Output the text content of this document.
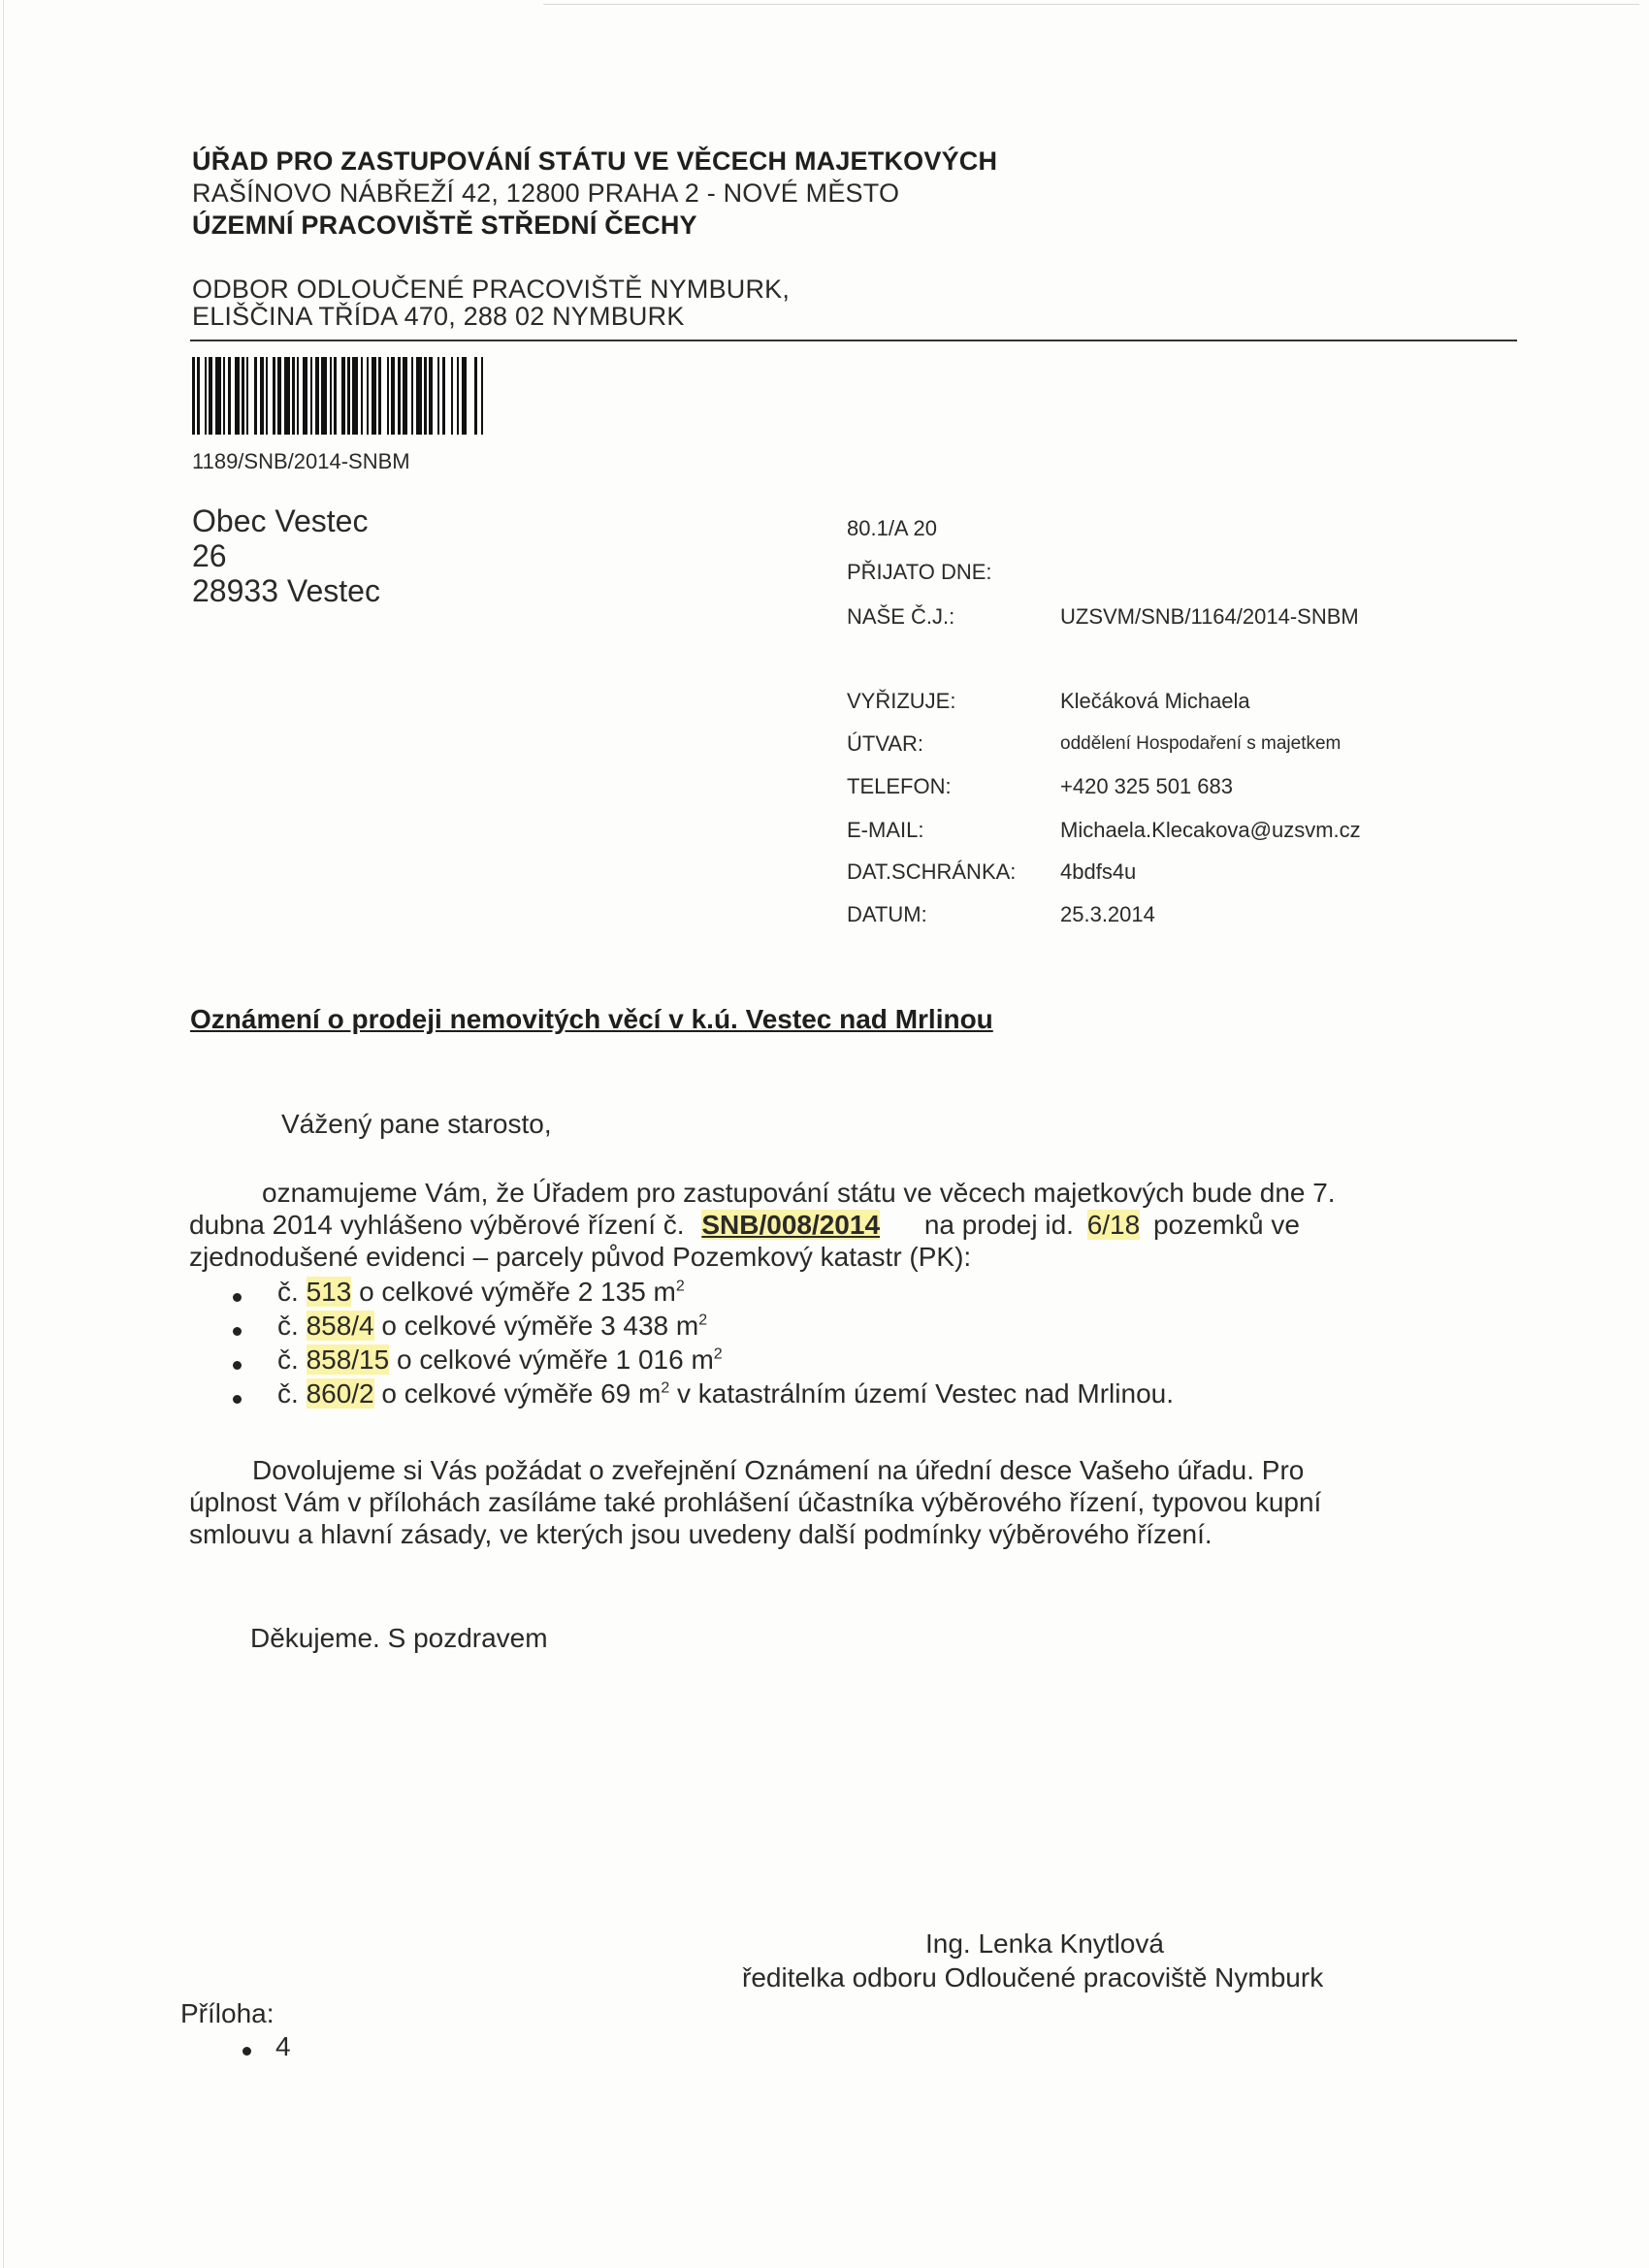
ÚŘAD PRO ZASTUPOVÁNÍ STÁTU VE VĚCECH MAJETKOVÝCH
RAŠÍNOVO NÁBŘEŽÍ 42, 12800 PRAHA 2 - NOVÉ MĚSTO
ÚZEMNÍ PRACOVIŠTĚ STŘEDNÍ ČECHY
ODBOR ODLOUČENÉ PRACOVIŠTĚ NYMBURK,
ELIŠČINA TŘÍDA 470, 288 02 NYMBURK
1189/SNB/2014-SNBM
Obec Vestec
26
28933 Vestec
80.1/A 20
PŘIJATO DNE:
NAŠE Č.J.:	UZSVM/SNB/1164/2014-SNBM
VYŘIZUJE:	Klečáková Michaela
ÚTVAR:	oddělení Hospodaření s majetkem
TELEFON:	+420 325 501 683
E-MAIL:	Michaela.Klecakova@uzsvm.cz
DAT.SCHRÁNKA: 4bdfs4u
DATUM:	25.3.2014
Oznámení o prodeji nemovitých věcí v k.ú. Vestec nad Mrlinou
Vážený pane starosto,
oznamujeme Vám, že Úřadem pro zastupování státu ve věcech majetkových bude dne 7.
dubna 2014 vyhlášeno výběrové řízení č. SNB/008/2014 na prodej id. 6/18 pozemků ve
zjednodušené evidenci – parcely původ Pozemkový katastr (PK):
č. 513 o celkové výměře 2 135 $m^2$
č. 858/4 o celkové výměře 3 438 $m^2$
č. 858/15 o celkové výměře 1 016 $m^2$
č. 860/2 o celkové výměře 69 $m^2$ v katastrálním území Vestec nad Mrlinou.
Dovolujeme si Vás požádat o zveřejnění Oznámení na úřední desce Vašeho úřadu. Pro
úplnost Vám v přílohách zasíláme také prohlášení účastníka výběrového řízení, typovou kupní
smlouvu a hlavní zásady, ve kterých jsou uvedeny další podmínky výběrového řízení.
Děkujeme. S pozdravem
Ing. Lenka Knytlová
ředitelka odboru Odloučené pracoviště Nymburk
Příloha:
4
